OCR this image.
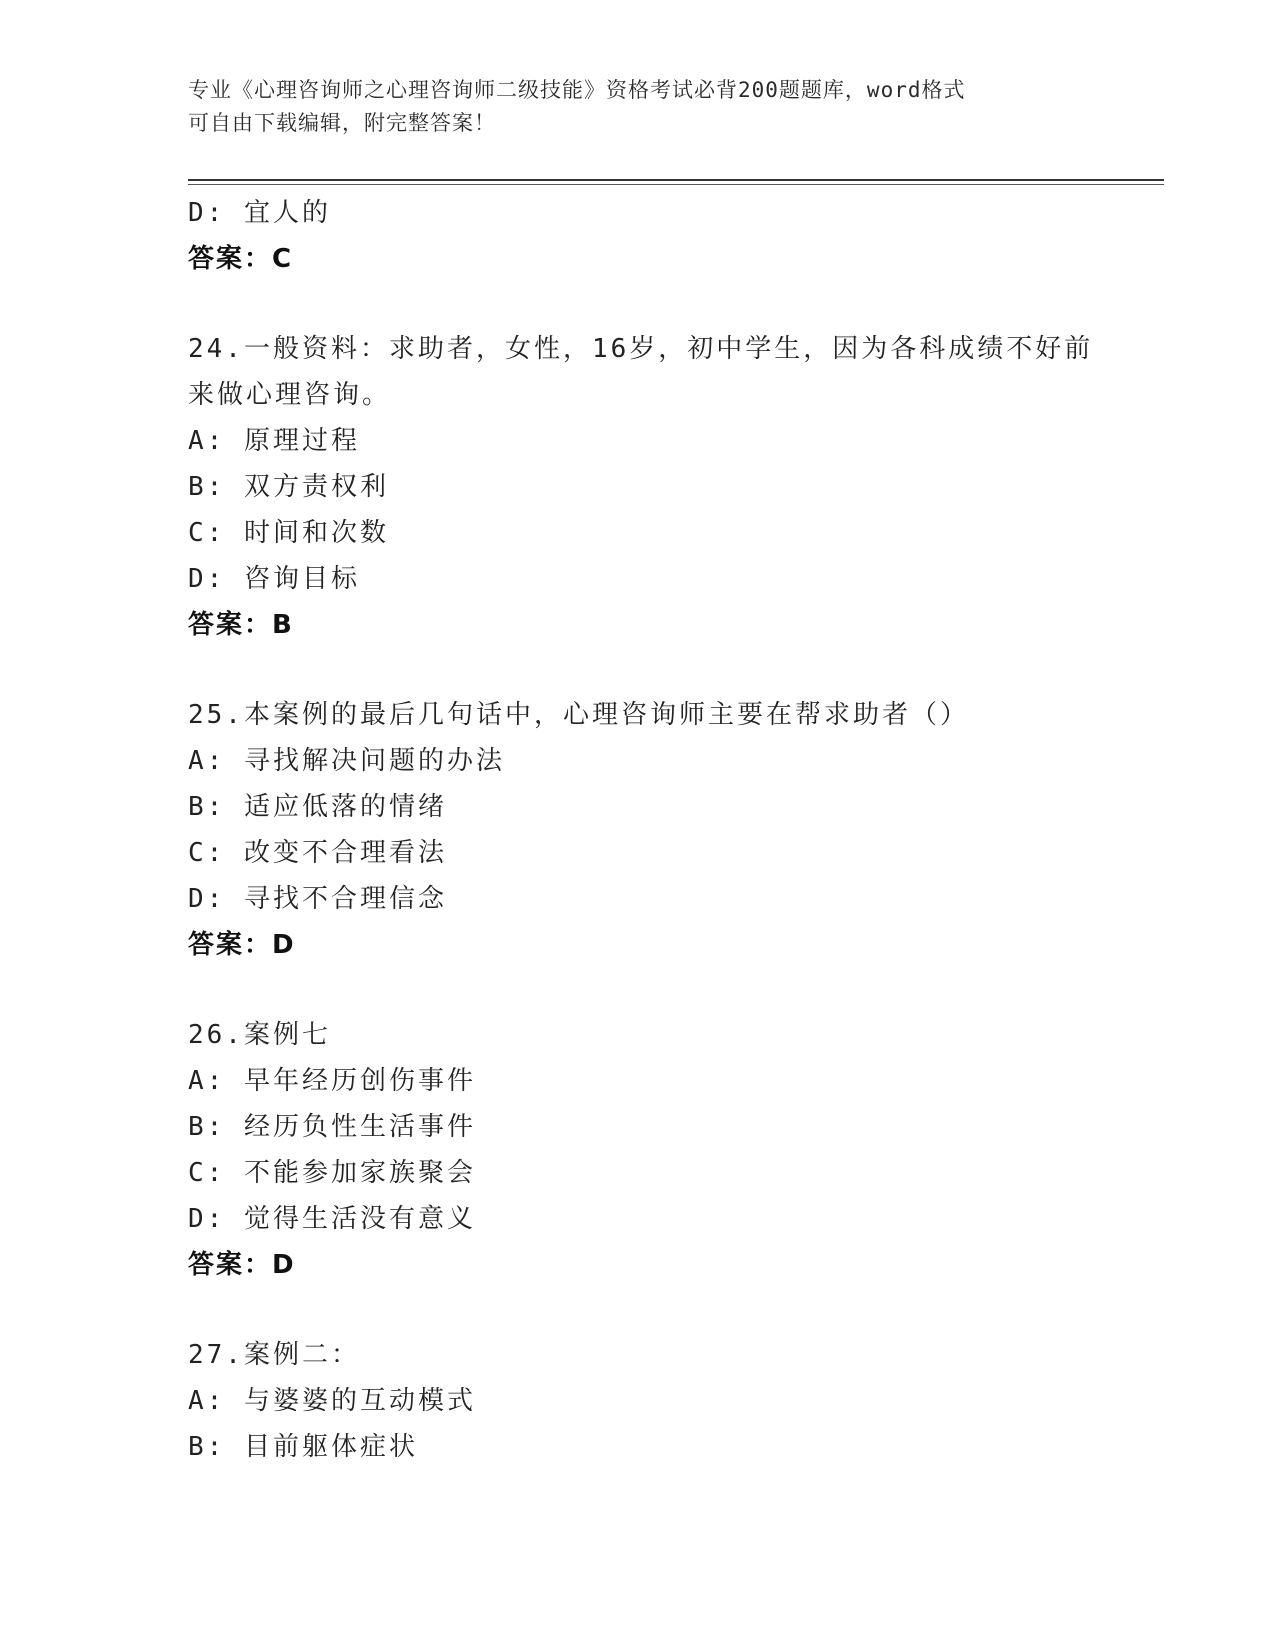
专业《心理咨询师之心理咨询师二级技能》资格考试必背200题题库，word格式
可自由下载编辑，附完整答案！
D: 宜人的
答案：C
24.一般资料：求助者，女性，16岁，初中学生，因为各科成绩不好前
来做心理咨询。
A: 原理过程
B: 双方责权利
C: 时间和次数
D: 咨询目标
答案：B
25.本案例的最后几句话中，心理咨询师主要在帮求助者（）
A: 寻找解决问题的办法
B: 适应低落的情绪
C: 改变不合理看法
D: 寻找不合理信念
答案：D
26.案例七
A: 早年经历创伤事件
B: 经历负性生活事件
C: 不能参加家族聚会
D: 觉得生活没有意义
答案：D
27.案例二：
A: 与婆婆的互动模式
B: 目前躯体症状
